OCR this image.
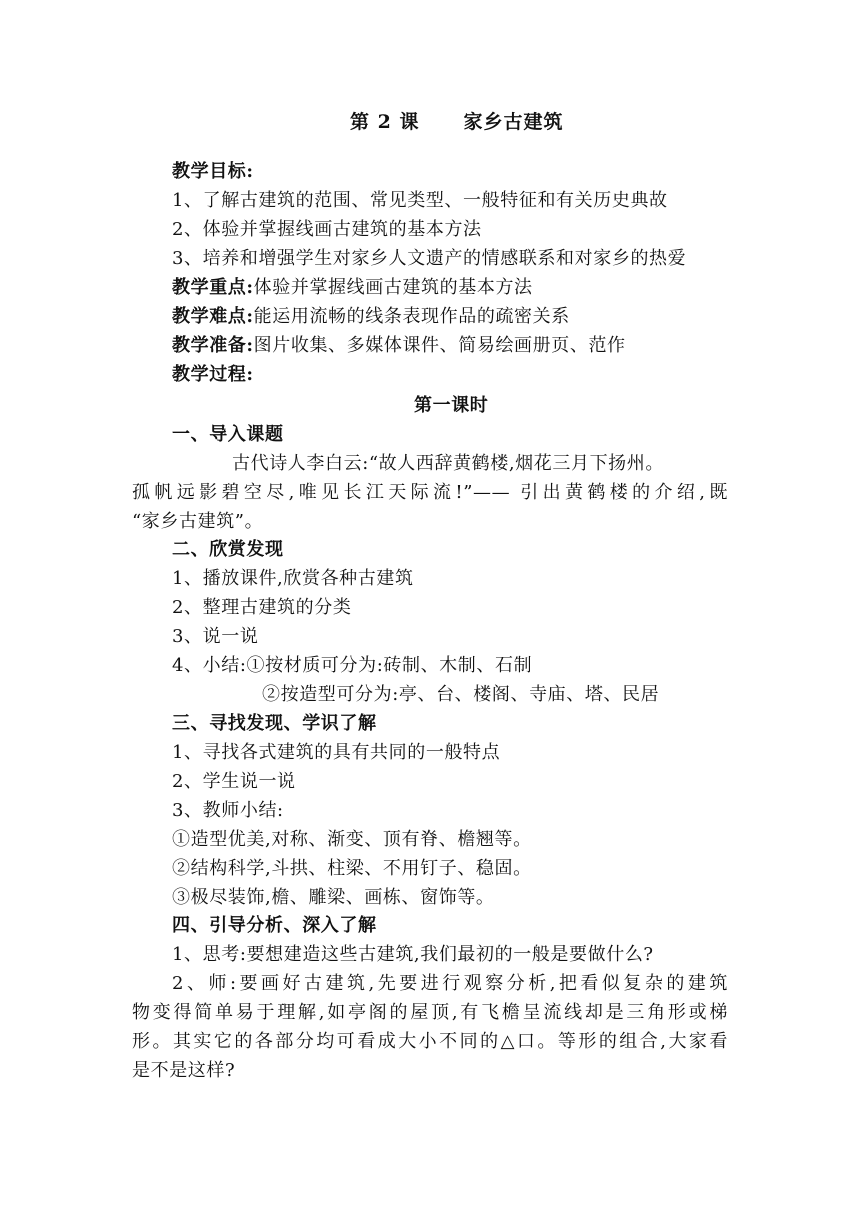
第 2 课 家乡古建筑
教学目标:
1、了解古建筑的范围、常见类型、一般特征和有关历史典故
2、体验并掌握线画古建筑的基本方法
3、培养和增强学生对家乡人文遗产的情感联系和对家乡的热爱
教学重点:体验并掌握线画古建筑的基本方法
教学难点:能运用流畅的线条表现作品的疏密关系
教学准备:图片收集、多媒体课件、简易绘画册页、范作
教学过程:
第一课时
一、导入课题
古代诗人李白云:“故人西辞黄鹤楼,烟花三月下扬州。
孤帆远影碧空尽,唯见长江天际流!”—— 引出黄鹤楼的介绍,既
“家乡古建筑”。
二、欣赏发现
1、播放课件,欣赏各种古建筑
2、整理古建筑的分类
3、说一说
4、小结:①按材质可分为:砖制、木制、石制
②按造型可分为:亭、台、楼阁、寺庙、塔、民居
三、寻找发现、学识了解
1、寻找各式建筑的具有共同的一般特点
2、学生说一说
3、教师小结:
①造型优美,对称、渐变、顶有脊、檐翘等。
②结构科学,斗拱、柱梁、不用钉子、稳固。
③极尽装饰,檐、雕梁、画栋、窗饰等。
四、引导分析、深入了解
1、思考:要想建造这些古建筑,我们最初的一般是要做什么?
2、师:要画好古建筑,先要进行观察分析,把看似复杂的建筑
物变得简单易于理解,如亭阁的屋顶,有飞檐呈流线却是三角形或梯
形。其实它的各部分均可看成大小不同的△口。等形的组合,大家看
是不是这样?
